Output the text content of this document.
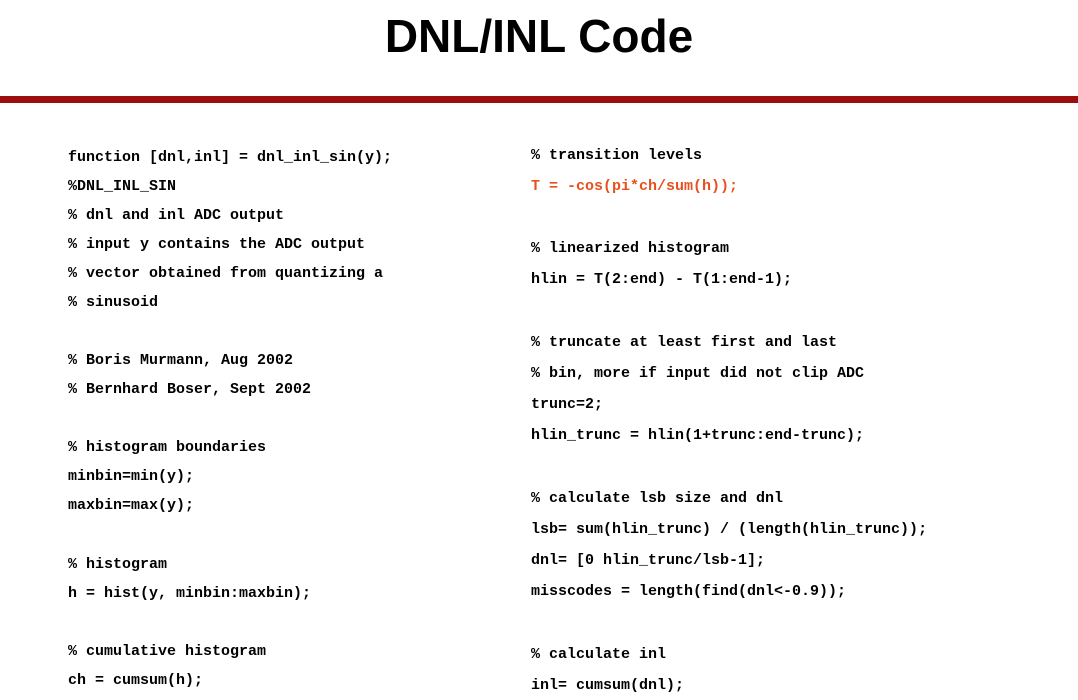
DNL/INL Code
function [dnl,inl] = dnl_inl_sin(y);
%DNL_INL_SIN
% dnl and inl ADC output
% input y contains the ADC output
% vector obtained from quantizing a
% sinusoid
% Boris Murmann, Aug 2002
% Bernhard Boser, Sept 2002
% histogram boundaries
minbin=min(y);
maxbin=max(y);
% histogram
h = hist(y, minbin:maxbin);
% cumulative histogram
ch = cumsum(h);
% transition levels
T = -cos(pi*ch/sum(h));
% linearized histogram
hlin = T(2:end) - T(1:end-1);
% truncate at least first and last
% bin, more if input did not clip ADC
trunc=2;
hlin_trunc = hlin(1+trunc:end-trunc);
% calculate lsb size and dnl
lsb= sum(hlin_trunc) / (length(hlin_trunc));
dnl= [0 hlin_trunc/lsb-1];
misscodes = length(find(dnl<-0.9));
% calculate inl
inl= cumsum(dnl);
